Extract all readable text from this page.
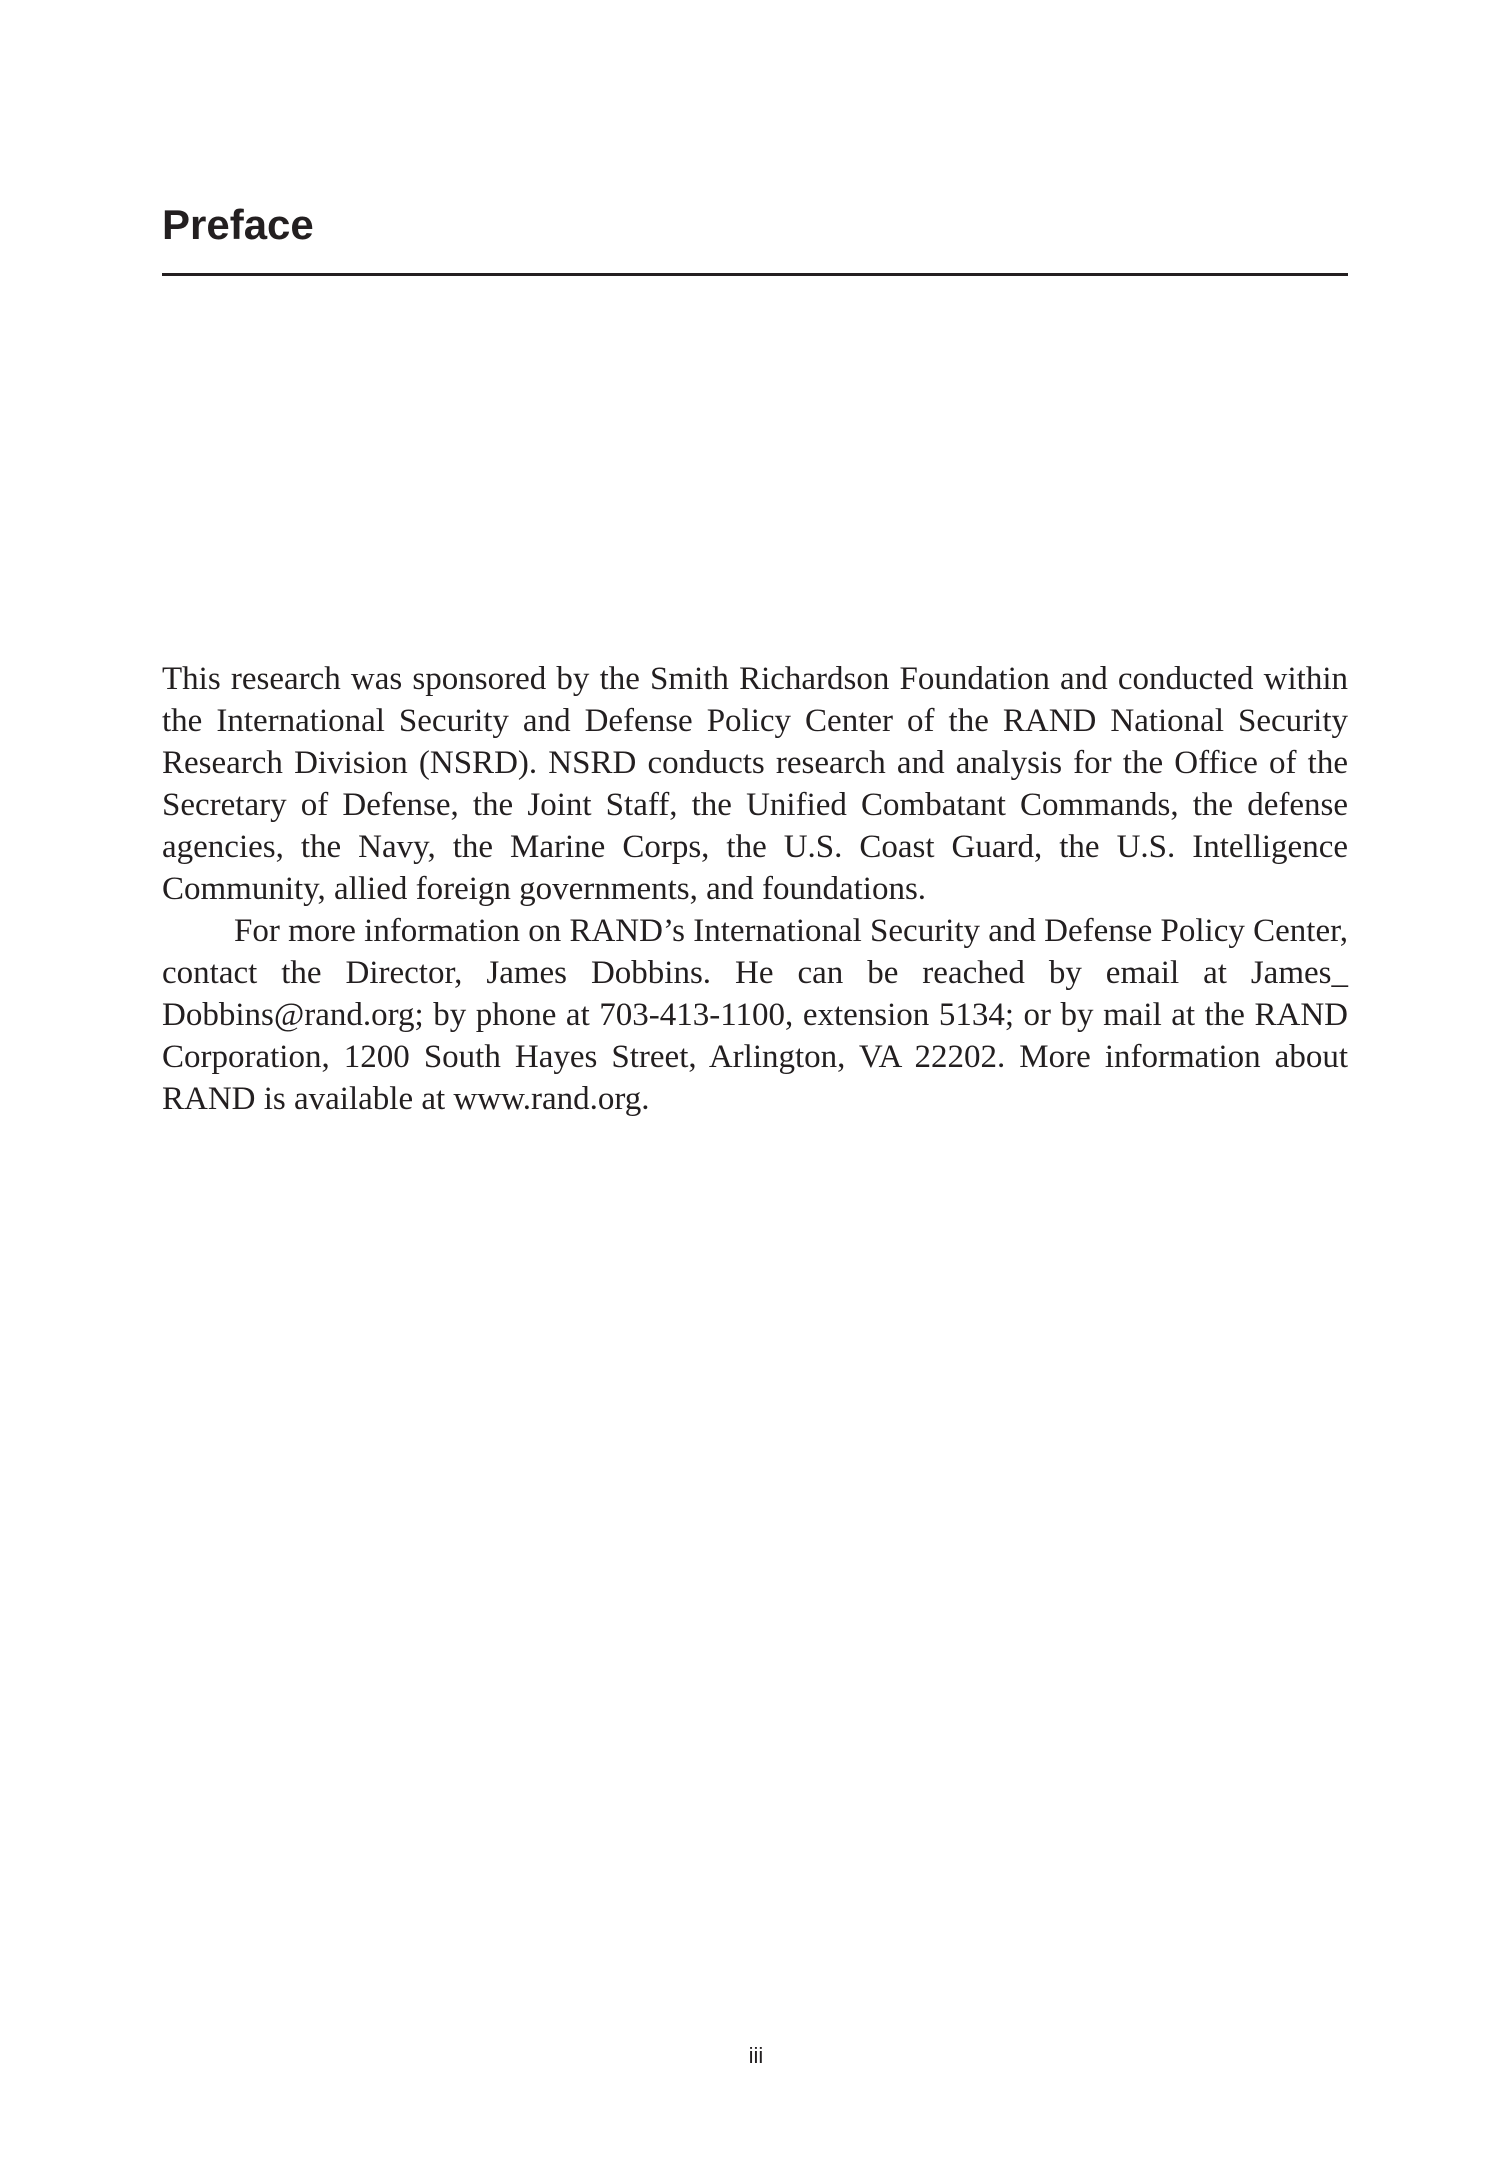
Preface

This research was sponsored by the Smith Richardson Foundation and conducted within the International Security and Defense Policy Center of the RAND National Security Research Division (NSRD). NSRD conducts research and analysis for the Office of the Secretary of Defense, the Joint Staff, the Unified Combatant Commands, the defense agencies, the Navy, the Marine Corps, the U.S. Coast Guard, the U.S. Intelligence Community, allied foreign governments, and foundations.

For more information on RAND’s International Security and Defense Policy Center, contact the Director, James Dobbins. He can be reached by email at James_ Dobbins@rand.org; by phone at 703-413-1100, extension 5134; or by mail at the RAND Corporation, 1200 South Hayes Street, Arlington, VA 22202. More information about RAND is available at www.rand.org.

iii
